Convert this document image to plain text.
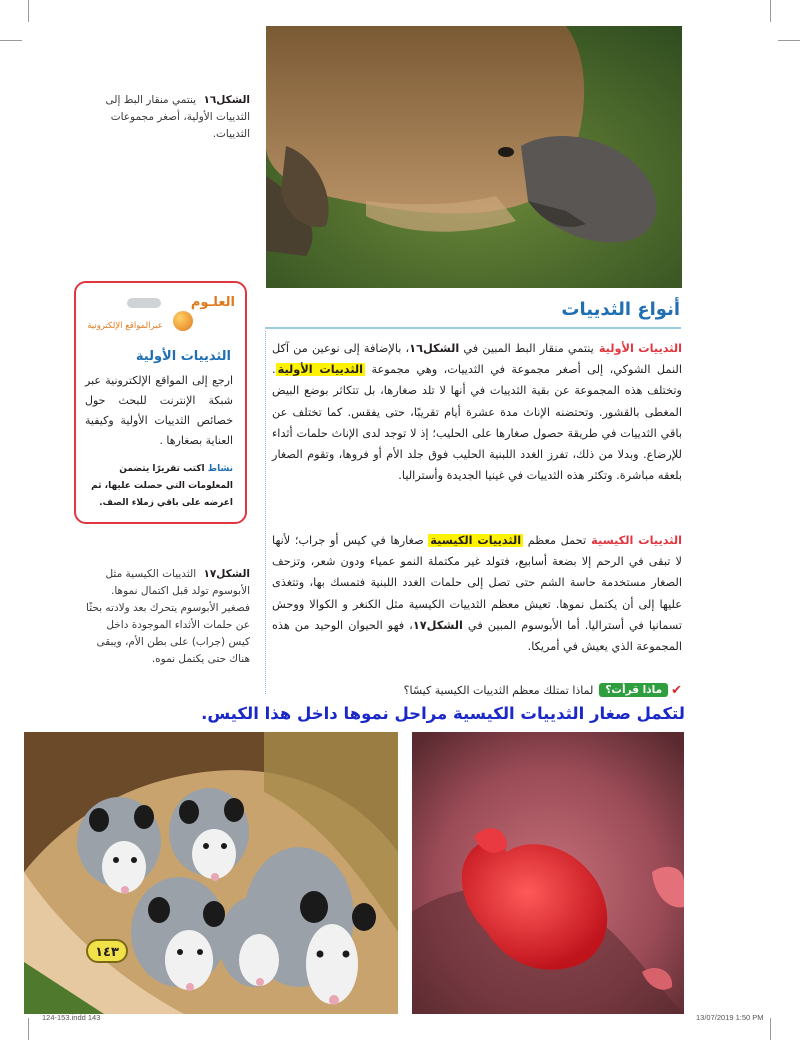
الشكل١٦ ينتمي منقار البط إلى الثدييات الأولية، أصغر مجموعات الثدييات.
العلـوم
عبرالمواقع الإلكترونية
الثدييات الأولية
ارجع إلى المواقع الإلكترونية عبر شبكة الإنترنت للبحث حول خصائص الثدييات الأولية وكيفية العناية بصغارها .
نشاط اكتب تقريرًا يتضمن المعلومات التي حصلت عليها، ثم اعرضه على باقي زملاء الصف.
أنواع الثدييات
الثدييات الأوليةينتمي منقار البط المبين في الشكل١٦، بالإضافة إلى نوعين من آكل النمل الشوكي، إلى أصغر مجموعة في الثدييات، وهي مجموعة الثدييات الأولية. وتختلف هذه المجموعة عن بقية الثدييات في أنها لا تلد صغارها، بل تتكاثر بوضع البيض المغطى بالقشور. وتحتضنه الإناث مدة عشرة أيام تقريبًا، حتى يفقس. كما تختلف عن باقي الثدييات في طريقة حصول صغارها على الحليب؛ إذ لا توجد لدى الإناث حلمات أثداء للإرضاع. وبدلا من ذلك، تفرز الغدد اللبنية الحليب فوق جلد الأم أو فروها، وتقوم الصغار بلعقه مباشرة. وتكثر هذه الثدييات في غينيا الجديدة وأستراليا.
الثدييات الكيسيةتحمل معظم الثدييات الكيسية صغارها في كيس أو جراب؛ لأنها لا تبقى في الرحم إلا بضعة أسابيع، فتولد غير مكتملة النمو عمياء ودون شعر، وتزحف الصغار مستخدمة حاسة الشم حتى تصل إلى حلمات الغدد اللبنية فتمسك بها، وتتغذى عليها إلى أن يكتمل نموها. تعيش معظم الثدييات الكيسية مثل الكنغر و الكوالا ووحش تسمانيا في أستراليا. أما الأبوسوم المبين في الشكل١٧، فهو الحيوان الوحيد من هذه المجموعة الذي يعيش في أمريكا.
✔
ماذا قرأت؟
لماذا تمتلك معظم الثدييات الكيسية كيسًا؟
الشكل١٧ الثدييات الكيسية مثل الأبوسوم تولد قبل اكتمال نموها. فصغير الأبوسوم يتحرك بعد ولادته بحثًا عن حلمات الأثداء الموجودة داخل كيس (جراب) على بطن الأم، ويبقى هناك حتى يكتمل نموه.
لتكمل صغار الثدييات الكيسية مراحل نموها داخل هذا الكيس.
١٤٣
124-153.indd 143	13/07/2019 1:50 PM
